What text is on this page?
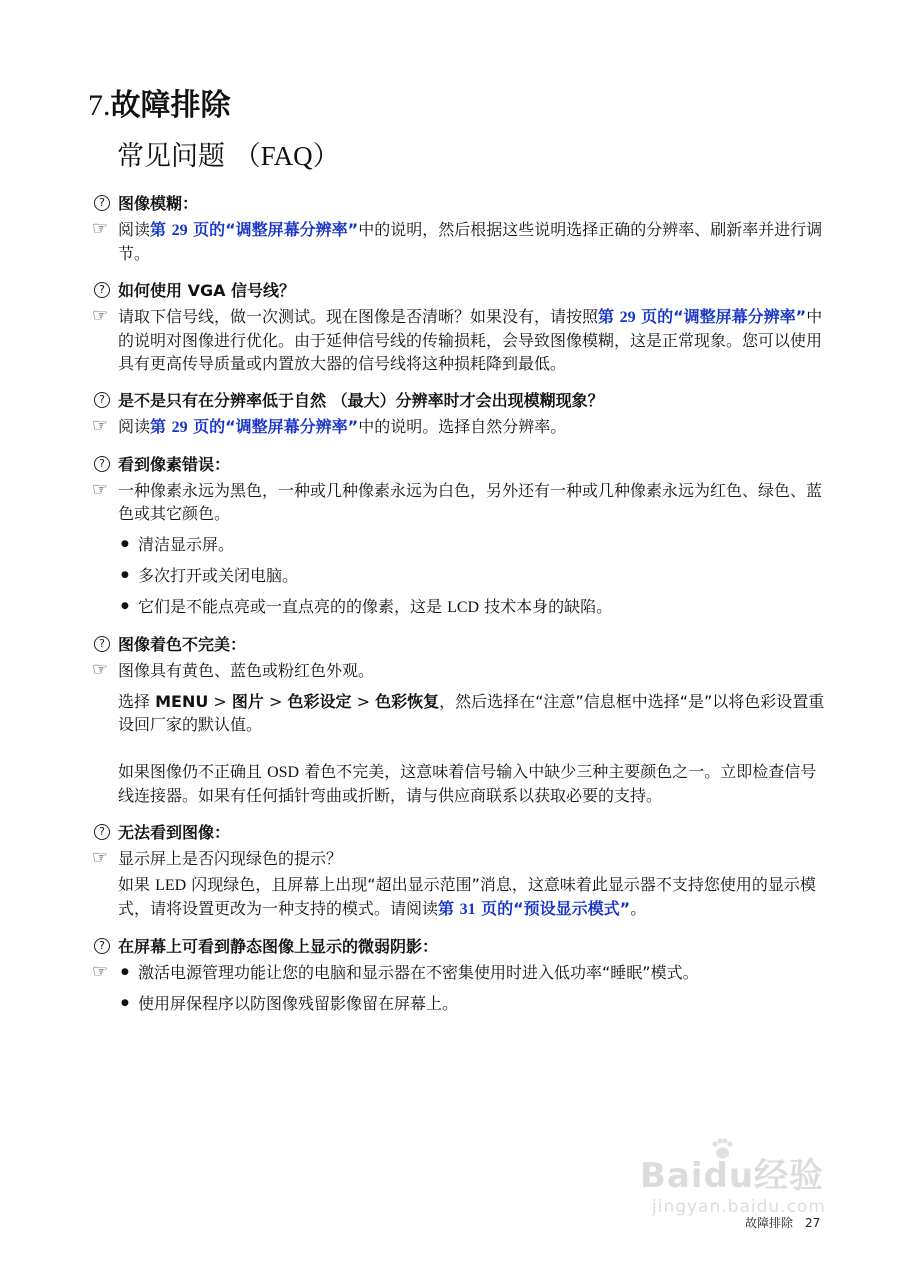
7.故障排除
常见问题 （FAQ）
? 图像模糊：
☞ 阅读第 29 页的“调整屏幕分辨率”中的说明，然后根据这些说明选择正确的分辨率、刷新率并进行调节。
? 如何使用 VGA 信号线？
☞ 请取下信号线，做一次测试。现在图像是否清晰？如果没有，请按照第 29 页的“调整屏幕分辨率”中的说明对图像进行优化。由于延伸信号线的传输损耗，会导致图像模糊，这是正常现象。您可以使用具有更高传导质量或内置放大器的信号线将这种损耗降到最低。
? 是不是只有在分辨率低于自然 （最大）分辨率时才会出现模糊现象？
☞ 阅读第 29 页的“调整屏幕分辨率”中的说明。选择自然分辨率。
? 看到像素错误：
☞ 一种像素永远为黑色，一种或几种像素永远为白色，另外还有一种或几种像素永远为红色、绿色、蓝色或其它颜色。
● 清洁显示屏。
● 多次打开或关闭电脑。
● 它们是不能点亮或一直点亮的的像素，这是 LCD 技术本身的缺陷。
? 图像着色不完美：
☞ 图像具有黄色、蓝色或粉红色外观。
选择 MENU > 图片 > 色彩设定 > 色彩恢复，然后选择在“注意”信息框中选择“是”以将色彩设置重设回厂家的默认值。
如果图像仍不正确且 OSD 着色不完美，这意味着信号输入中缺少三种主要颜色之一。立即检查信号线连接器。如果有任何插针弯曲或折断，请与供应商联系以获取必要的支持。
? 无法看到图像：
☞ 显示屏上是否闪现绿色的提示？
如果 LED 闪现绿色，且屏幕上出现“超出显示范围”消息，这意味着此显示器不支持您使用的显示模式，请将设置更改为一种支持的模式。请阅读第 31 页的“预设显示模式”。
? 在屏幕上可看到静态图像上显示的微弱阴影：
☞
●	激活电源管理功能让您的电脑和显示器在不密集使用时进入低功率“睡眠”模式。
● 使用屏保程序以防图像残留影像留在屏幕上。
Baidu经验
jingyan.baidu.com
故障排除 27
